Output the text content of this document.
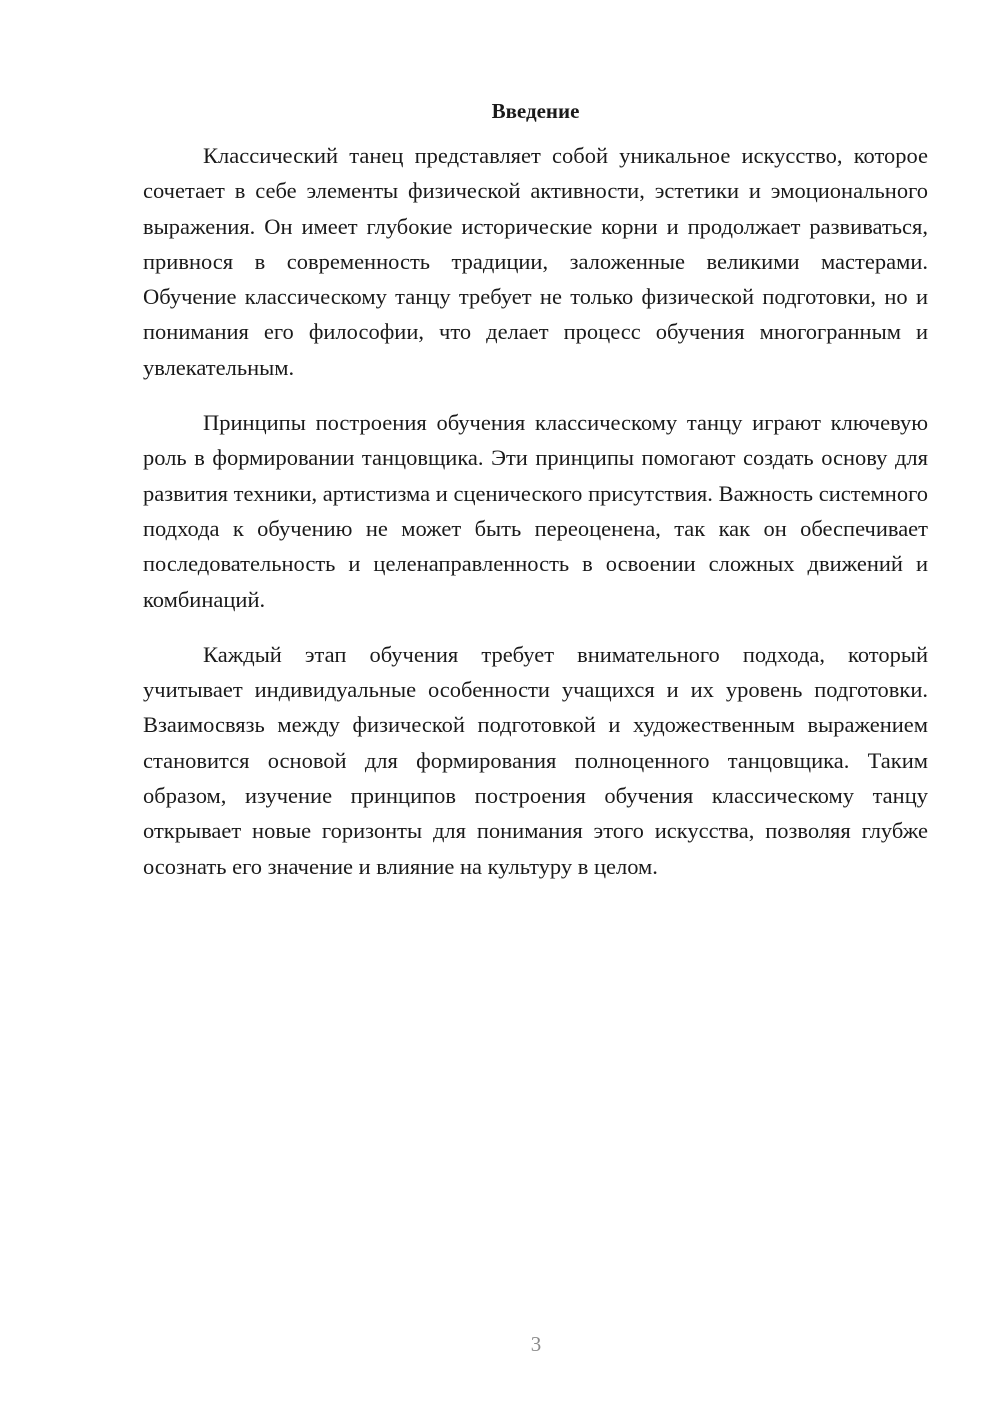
Введение

Классический танец представляет собой уникальное искусство, которое сочетает в себе элементы физической активности, эстетики и эмоционального выражения. Он имеет глубокие исторические корни и продолжает развиваться, привнося в современность традиции, заложенные великими мастерами. Обучение классическому танцу требует не только физической подготовки, но и понимания его философии, что делает процесс обучения многогранным и увлекательным.

Принципы построения обучения классическому танцу играют ключевую роль в формировании танцовщика. Эти принципы помогают создать основу для развития техники, артистизма и сценического присутствия. Важность системного подхода к обучению не может быть переоценена, так как он обеспечивает последовательность и целенаправленность в освоении сложных движений и комбинаций.

Каждый этап обучения требует внимательного подхода, который учитывает индивидуальные особенности учащихся и их уровень подготовки. Взаимосвязь между физической подготовкой и художественным выражением становится основой для формирования полноценного танцовщика. Таким образом, изучение принципов построения обучения классическому танцу открывает новые горизонты для понимания этого искусства, позволяя глубже осознать его значение и влияние на культуру в целом.

3
